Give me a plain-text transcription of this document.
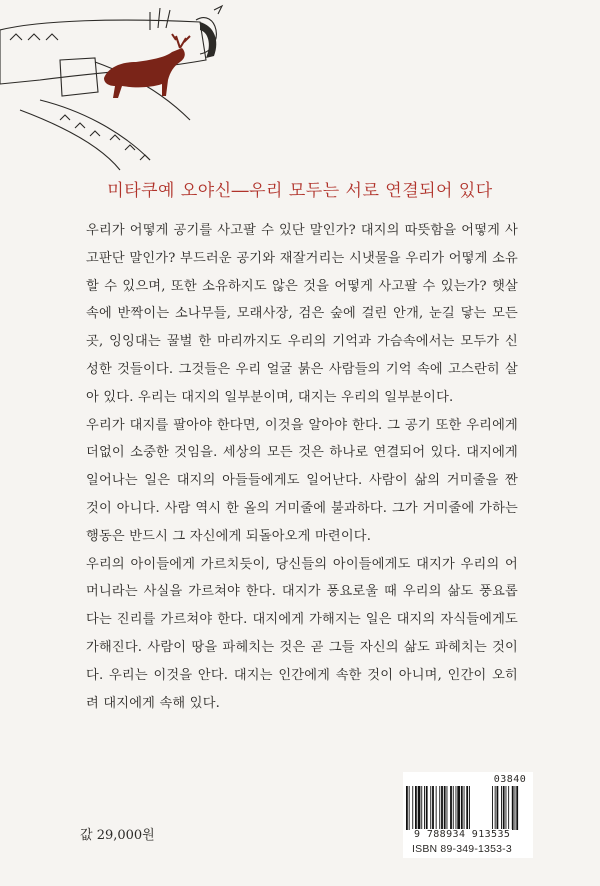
미타쿠예 오야신―우리 모두는 서로 연결되어 있다

우리가 어떻게 공기를 사고팔 수 있단 말인가? 대지의 따뜻함을 어떻게 사고판단 말인가? 부드러운 공기와 재잘거리는 시냇물을 우리가 어떻게 소유할 수 있으며, 또한 소유하지도 않은 것을 어떻게 사고팔 수 있는가? 햇살 속에 반짝이는 소나무들, 모래사장, 검은 숲에 걸린 안개, 눈길 닿는 모든 곳, 잉잉대는 꿀벌 한 마리까지도 우리의 기억과 가슴속에서는 모두가 신성한 것들이다. 그것들은 우리 얼굴 붉은 사람들의 기억 속에 고스란히 살아 있다. 우리는 대지의 일부분이며, 대지는 우리의 일부분이다.

우리가 대지를 팔아야 한다면, 이것을 알아야 한다. 그 공기 또한 우리에게 더없이 소중한 것임을. 세상의 모든 것은 하나로 연결되어 있다. 대지에게 일어나는 일은 대지의 아들들에게도 일어난다. 사람이 삶의 거미줄을 짠 것이 아니다. 사람 역시 한 올의 거미줄에 불과하다. 그가 거미줄에 가하는 행동은 반드시 그 자신에게 되돌아오게 마련이다.

우리의 아이들에게 가르치듯이, 당신들의 아이들에게도 대지가 우리의 어머니라는 사실을 가르쳐야 한다. 대지가 풍요로울 때 우리의 삶도 풍요롭다는 진리를 가르쳐야 한다. 대지에게 가해지는 일은 대지의 자식들에게도 가해진다. 사람이 땅을 파헤치는 것은 곧 그들 자신의 삶도 파헤치는 것이다. 우리는 이것을 안다. 대지는 인간에게 속한 것이 아니며, 인간이 오히려 대지에게 속해 있다.

값 29,000원
03840
9 788934 913535
ISBN 89-349-1353-3
